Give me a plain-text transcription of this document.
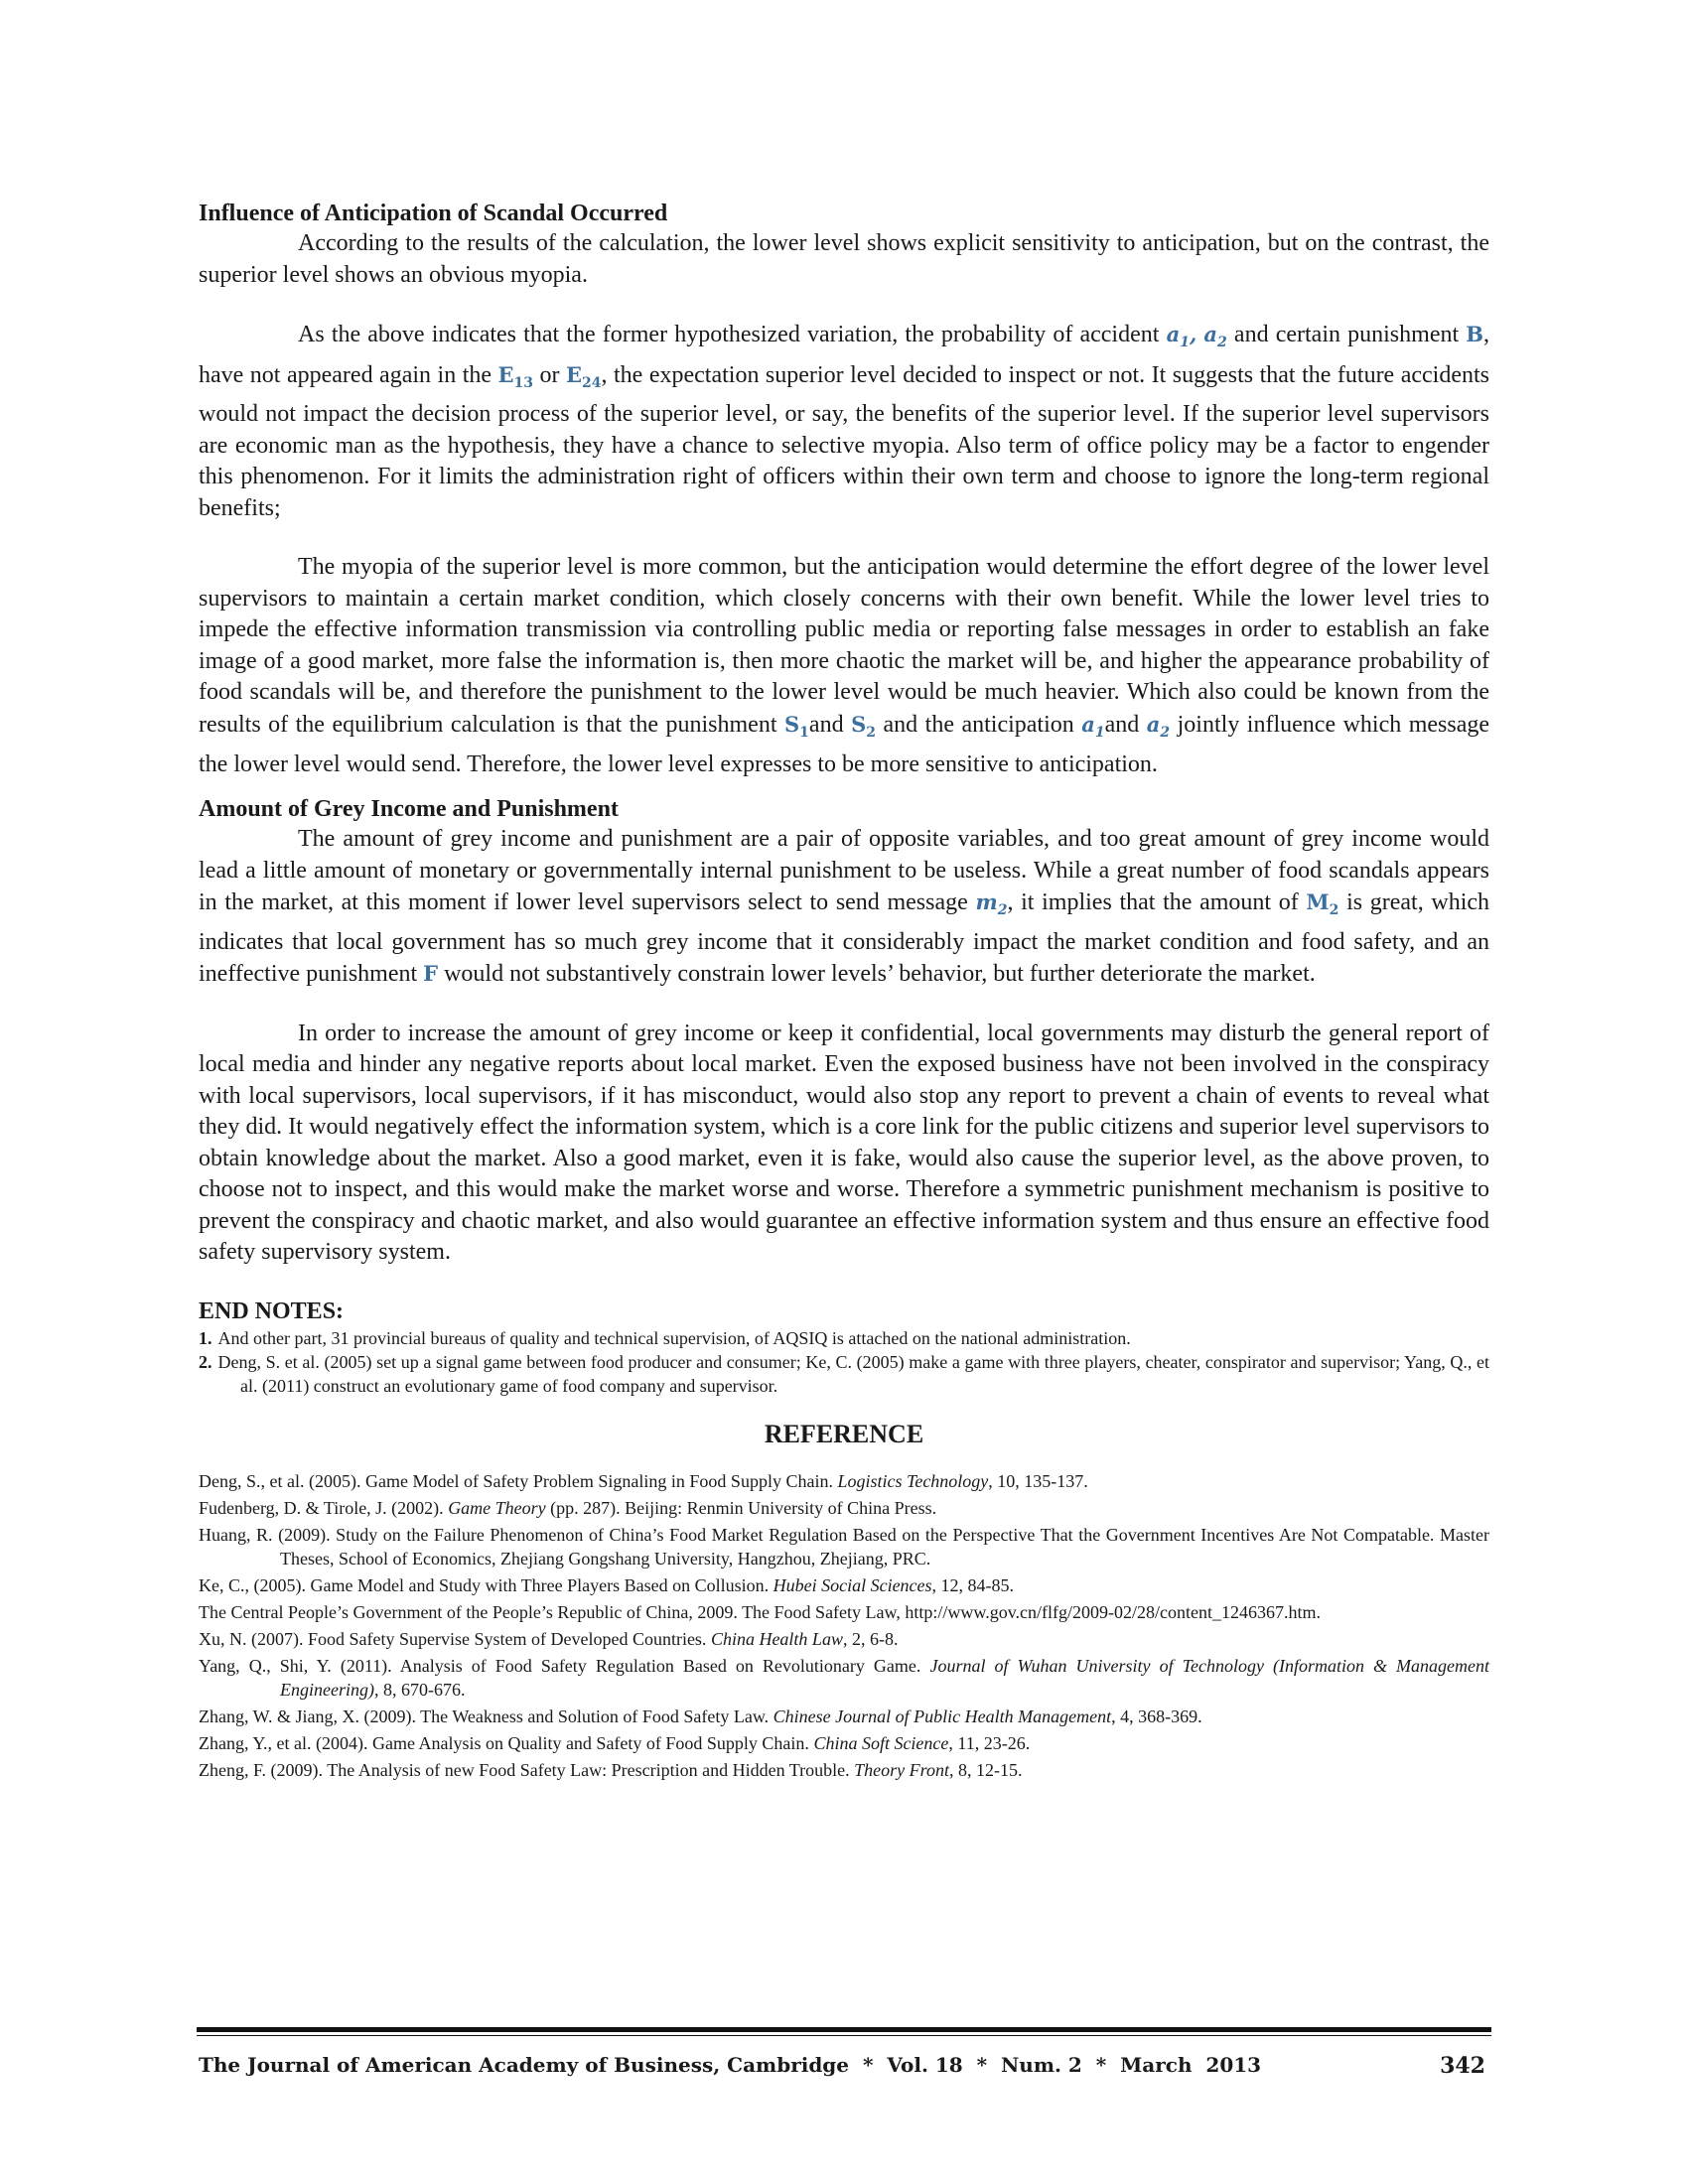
Influence of Anticipation of Scandal Occurred

According to the results of the calculation, the lower level shows explicit sensitivity to anticipation, but on the contrast, the superior level shows an obvious myopia.

As the above indicates that the former hypothesized variation, the probability of accident $a_1$, $a_2$ and certain punishment B, have not appeared again in the $E_{13}$ or $E_{24}$, the expectation superior level decided to inspect or not. It suggests that the future accidents would not impact the decision process of the superior level, or say, the benefits of the superior level. If the superior level supervisors are economic man as the hypothesis, they have a chance to selective myopia. Also term of office policy may be a factor to engender this phenomenon. For it limits the administration right of officers within their own term and choose to ignore the long-term regional benefits;

The myopia of the superior level is more common, but the anticipation would determine the effort degree of the lower level supervisors to maintain a certain market condition, which closely concerns with their own benefit. While the lower level tries to impede the effective information transmission via controlling public media or reporting false messages in order to establish an fake image of a good market, more false the information is, then more chaotic the market will be, and higher the appearance probability of food scandals will be, and therefore the punishment to the lower level would be much heavier. Which also could be known from the results of the equilibrium calculation is that the punishment $S_1and$ $S_2$ and the anticipation $a_1and$ $a_2$ jointly influence which message the lower level would send. Therefore, the lower level expresses to be more sensitive to anticipation.

Amount of Grey Income and Punishment

The amount of grey income and punishment are a pair of opposite variables, and too great amount of grey income would lead a little amount of monetary or governmentally internal punishment to be useless. While a great number of food scandals appears in the market, at this moment if lower level supervisors select to send message $m_2$, it implies that the amount of $M_2$ is great, which indicates that local government has so much grey income that it considerably impact the market condition and food safety, and an ineffective punishment F would not substantively constrain lower levels’ behavior, but further deteriorate the market.

In order to increase the amount of grey income or keep it confidential, local governments may disturb the general report of local media and hinder any negative reports about local market. Even the exposed business have not been involved in the conspiracy with local supervisors, local supervisors, if it has misconduct, would also stop any report to prevent a chain of events to reveal what they did. It would negatively effect the information system, which is a core link for the public citizens and superior level supervisors to obtain knowledge about the market. Also a good market, even it is fake, would also cause the superior level, as the above proven, to choose not to inspect, and this would make the market worse and worse. Therefore a symmetric punishment mechanism is positive to prevent the conspiracy and chaotic market, and also would guarantee an effective information system and thus ensure an effective food safety supervisory system.

END NOTES:
1. And other part, 31 provincial bureaus of quality and technical supervision, of AQSIQ is attached on the national administration.
2. Deng, S. et al. (2005) set up a signal game between food producer and consumer; Ke, C. (2005) make a game with three players, cheater, conspirator and supervisor; Yang, Q., et al. (2011) construct an evolutionary game of food company and supervisor.
REFERENCE
Deng, S., et al. (2005). Game Model of Safety Problem Signaling in Food Supply Chain. Logistics Technology, 10, 135-137.
Fudenberg, D. & Tirole, J. (2002). Game Theory (pp. 287). Beijing: Renmin University of China Press.
Huang, R. (2009). Study on the Failure Phenomenon of China’s Food Market Regulation Based on the Perspective That the Government Incentives Are Not Compatable. Master Theses, School of Economics, Zhejiang Gongshang University, Hangzhou, Zhejiang, PRC.
Ke, C., (2005). Game Model and Study with Three Players Based on Collusion. Hubei Social Sciences, 12, 84-85.
The Central People’s Government of the People’s Republic of China, 2009. The Food Safety Law, http://www.gov.cn/flfg/2009-02/28/content_1246367.htm.
Xu, N. (2007). Food Safety Supervise System of Developed Countries. China Health Law, 2, 6-8.
Yang, Q., Shi, Y. (2011). Analysis of Food Safety Regulation Based on Revolutionary Game. Journal of Wuhan University of Technology (Information & Management Engineering), 8, 670-676.
Zhang, W. & Jiang, X. (2009). The Weakness and Solution of Food Safety Law. Chinese Journal of Public Health Management, 4, 368-369.
Zhang, Y., et al. (2004). Game Analysis on Quality and Safety of Food Supply Chain. China Soft Science, 11, 23-26.
Zheng, F. (2009). The Analysis of new Food Safety Law: Prescription and Hidden Trouble. Theory Front, 8, 12-15.
The Journal of American Academy of Business, Cambridge  *  Vol. 18  *  Num. 2  *  March  2013	342
